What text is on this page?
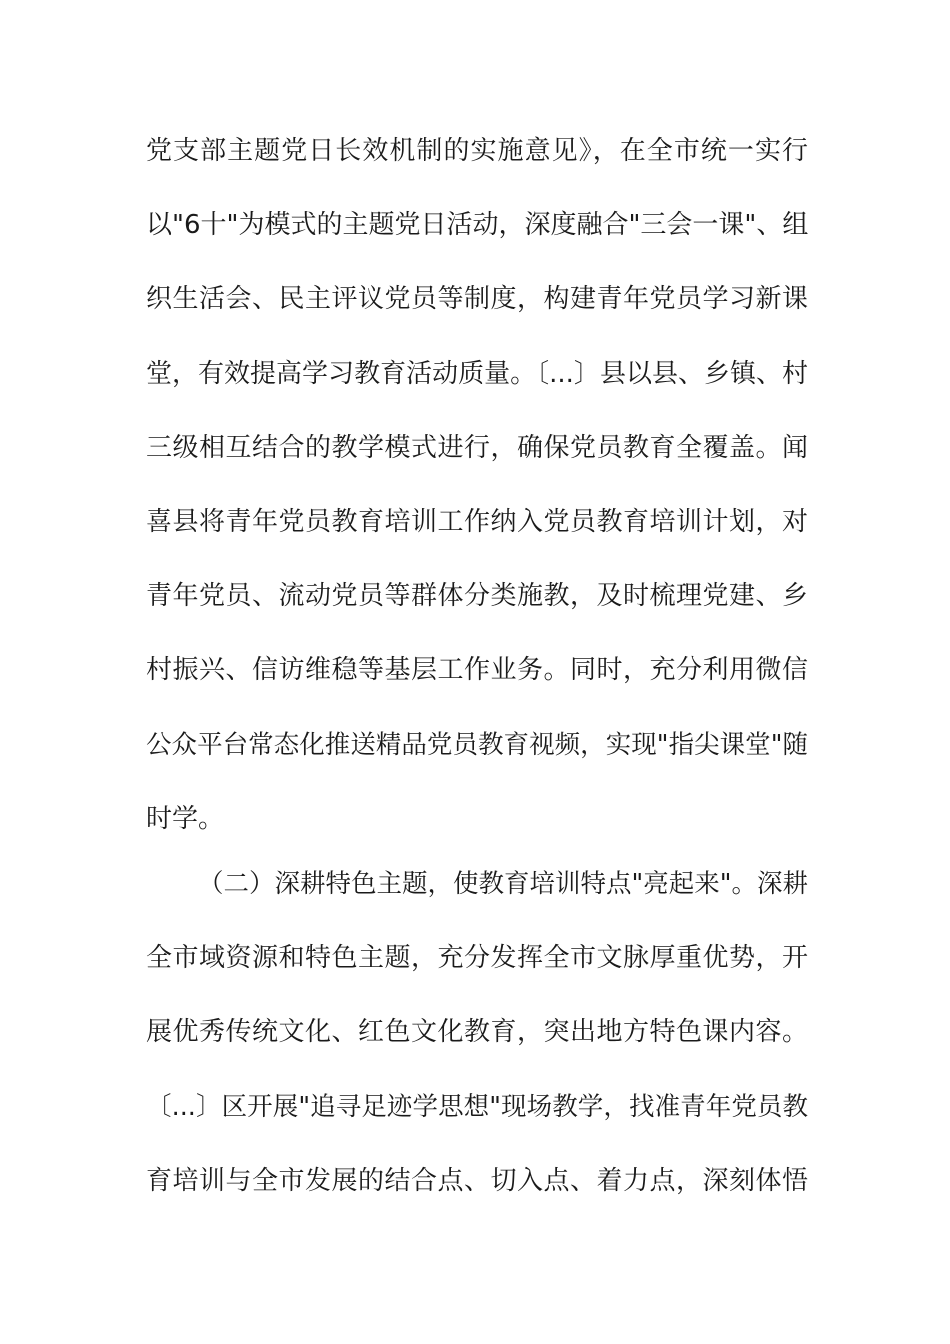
党支部主题党日长效机制的实施意见》，在全市统一实行
以"6十"为模式的主题党日活动，深度融合"三会一课"、组
织生活会、民主评议党员等制度，构建青年党员学习新课
堂，有效提高学习教育活动质量。〔...〕县以县、乡镇、村
三级相互结合的教学模式进行，确保党员教育全覆盖。闻
喜县将青年党员教育培训工作纳入党员教育培训计划，对
青年党员、流动党员等群体分类施教，及时梳理党建、乡
村振兴、信访维稳等基层工作业务。同时，充分利用微信
公众平台常态化推送精品党员教育视频，实现"指尖课堂"随
时学。
（二）深耕特色主题，使教育培训特点"亮起来"。深耕
全市域资源和特色主题，充分发挥全市文脉厚重优势，开
展优秀传统文化、红色文化教育，突出地方特色课内容。
〔...〕区开展"追寻足迹学思想"现场教学，找准青年党员教
育培训与全市发展的结合点、切入点、着力点，深刻体悟
